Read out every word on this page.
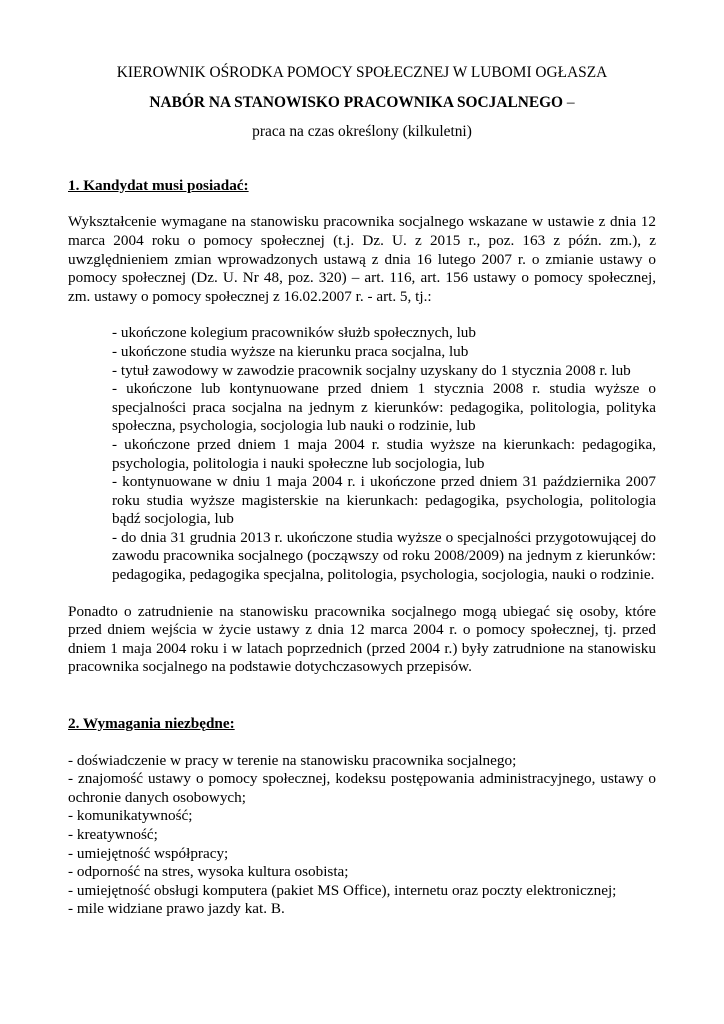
KIEROWNIK OŚRODKA POMOCY SPOŁECZNEJ W LUBOMI OGŁASZA
NABÓR NA STANOWISKO PRACOWNIKA SOCJALNEGO –
praca na czas określony (kilkuletni)
1. Kandydat musi posiadać:

Wykształcenie wymagane na stanowisku pracownika socjalnego wskazane w ustawie z dnia 12 marca 2004 roku o pomocy społecznej (t.j. Dz. U. z 2015 r., poz. 163 z późn. zm.), z uwzględnieniem zmian wprowadzonych ustawą z dnia 16 lutego 2007 r. o zmianie ustawy o pomocy społecznej (Dz. U. Nr 48, poz. 320) – art. 116, art. 156 ustawy o pomocy społecznej, zm. ustawy o pomocy społecznej z 16.02.2007 r. - art. 5, tj.:

- ukończone kolegium pracowników służb społecznych, lub
- ukończone studia wyższe na kierunku praca socjalna, lub
- tytuł zawodowy w zawodzie pracownik socjalny uzyskany do 1 stycznia 2008 r. lub
- ukończone lub kontynuowane przed dniem 1 stycznia 2008 r. studia wyższe o specjalności praca socjalna na jednym z kierunków: pedagogika, politologia, polityka społeczna, psychologia, socjologia lub nauki o rodzinie, lub
- ukończone przed dniem 1 maja 2004 r. studia wyższe na kierunkach: pedagogika, psychologia, politologia i nauki społeczne lub socjologia, lub
- kontynuowane w dniu 1 maja 2004 r. i ukończone przed dniem 31 października 2007 roku studia wyższe magisterskie na kierunkach: pedagogika, psychologia, politologia bądź socjologia, lub
- do dnia 31 grudnia 2013 r. ukończone studia wyższe o specjalności przygotowującej do zawodu pracownika socjalnego (począwszy od roku 2008/2009) na jednym z kierunków: pedagogika, pedagogika specjalna, politologia, psychologia, socjologia, nauki o rodzinie.

Ponadto o zatrudnienie na stanowisku pracownika socjalnego mogą ubiegać się osoby, które przed dniem wejścia w życie ustawy z dnia 12 marca 2004 r. o pomocy społecznej, tj. przed dniem 1 maja 2004 roku i w latach poprzednich (przed 2004 r.) były zatrudnione na stanowisku pracownika socjalnego na podstawie dotychczasowych przepisów.

2. Wymagania niezbędne:
- doświadczenie w pracy w terenie na stanowisku pracownika socjalnego;
- znajomość ustawy o pomocy społecznej, kodeksu postępowania administracyjnego, ustawy o ochronie danych osobowych;
- komunikatywność;
- kreatywność;
- umiejętność współpracy;
- odporność na stres, wysoka kultura osobista;
- umiejętność obsługi komputera (pakiet MS Office), internetu oraz poczty elektronicznej;
- mile widziane prawo jazdy kat. B.
